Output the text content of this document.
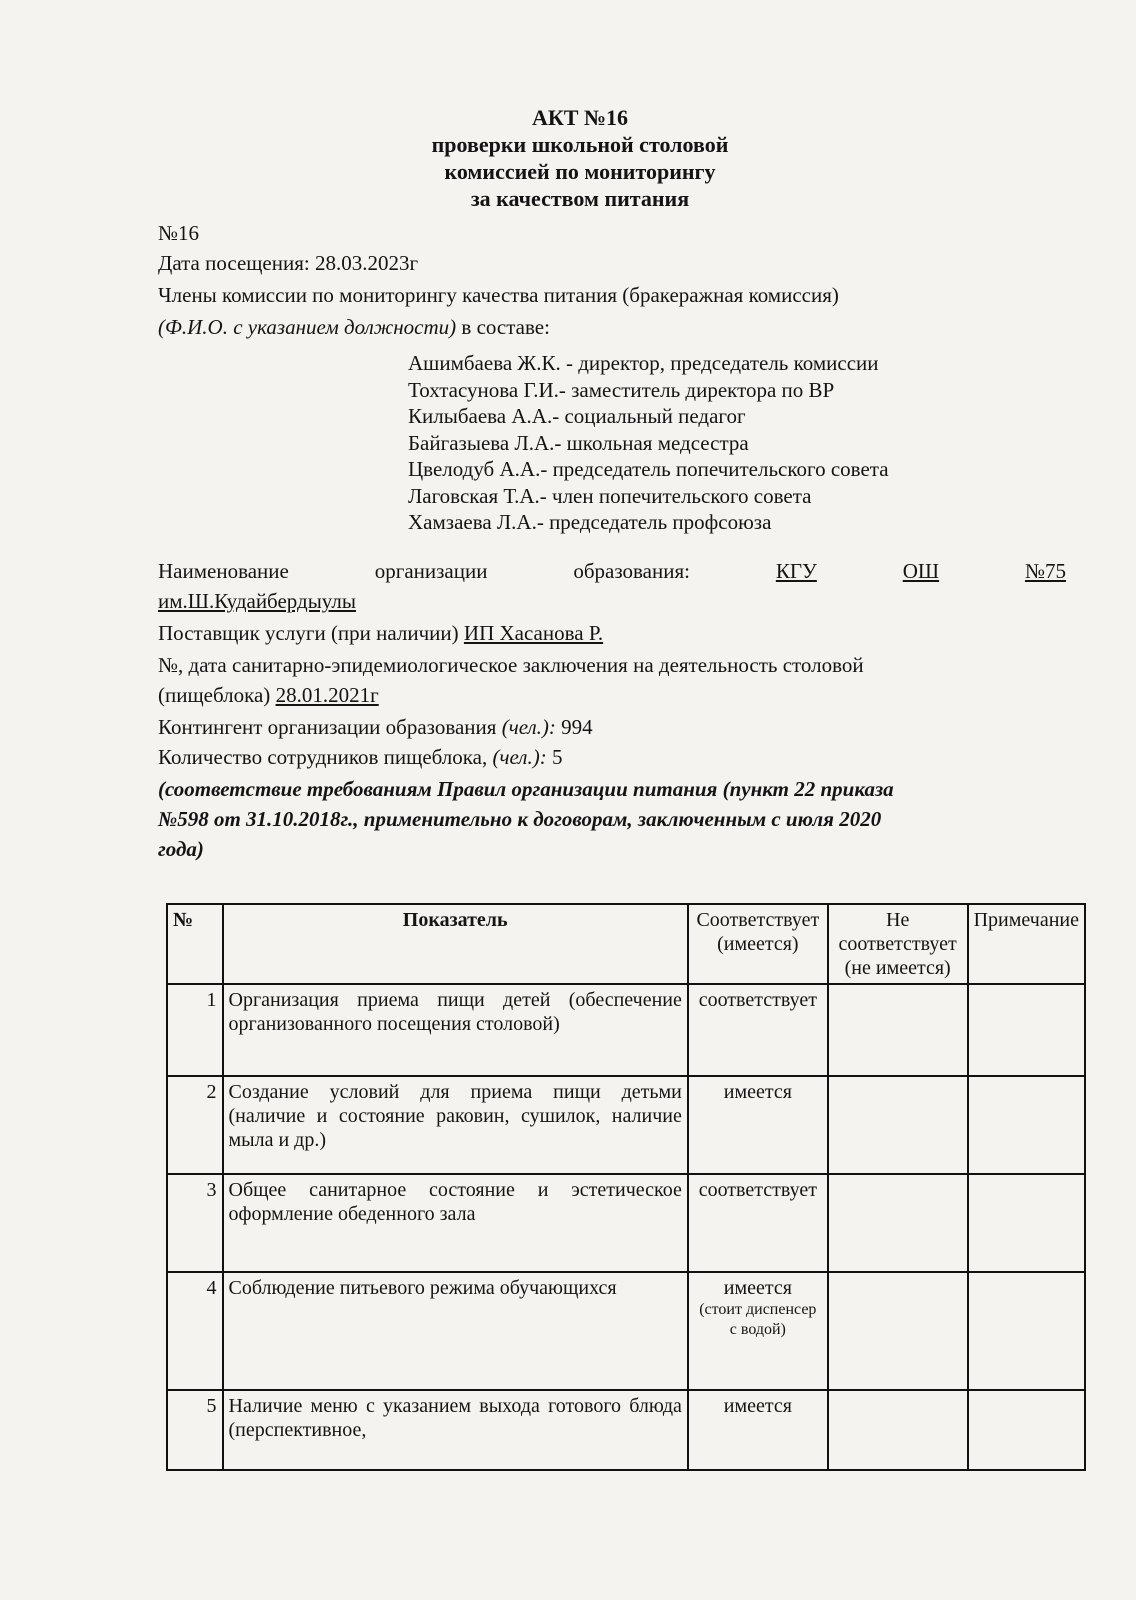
АКТ №16
проверки школьной столовой
комиссией по мониторингу
за качеством питания
№16
Дата посещения: 28.03.2023г
Члены комиссии по мониторингу качества питания (бракеражная комиссия)
(Ф.И.О. с указанием должности) в составе:
Ашимбаева Ж.К. - директор, председатель комиссии
Тохтасунова Г.И.- заместитель директора по ВР
Килыбаева А.А.- социальный педагог
Байгазыева Л.А.- школьная медсестра
Цвелодуб А.А.- председатель попечительского совета
Лаговская Т.А.- член попечительского совета
Хамзаева Л.А.- председатель профсоюза
Наименование	организации	образования:	КГУ	ОШ	№75
им.Ш.Кудайбердыулы
Поставщик услуги (при наличии) ИП Хасанова Р.
№, дата санитарно-эпидемиологическое заключения на деятельность столовой
(пищеблока) 28.01.2021г
Контингент организации образования (чел.): 994
Количество сотрудников пищеблока, (чел.): 5
(соответствие требованиям Правил организации питания (пункт 22 приказа
№598 от 31.10.2018г., применительно к договорам, заключенным с июля 2020
года)
№	Показатель	Соответствует (имеется)	Не соответствует (не имеется)	Примечание
1	Организация приема пищи детей (обеспечение организованного посещения столовой)	соответствует		
2	Создание условий для приема пищи детьми (наличие и состояние раковин, сушилок, наличие мыла и др.)	имеется		
3	Общее санитарное состояние и эстетическое оформление обеденного зала	соответствует		
4	Соблюдение питьевого режима обучающихся	имеется
(стоит диспенсер с водой)		

5	Наличие меню с указанием выхода готового блюда (перспективное,	имеется		
